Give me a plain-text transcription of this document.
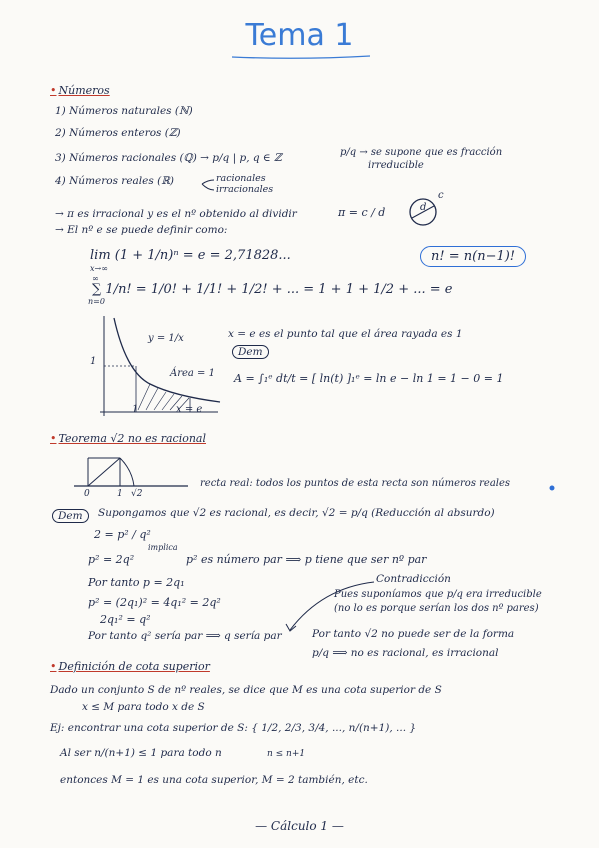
Tema 1
• Números
1) Números naturales (ℕ)
2) Números enteros (ℤ)
3) Números racionales (ℚ) → p/q | p, q ∈ ℤ	p/q → se supone que es fracción
irreducible
4) Números reales (ℝ)	racionales
irracionales
→ π es irracional y es el nº obtenido al dividir	π = c / d	d
c
→ El nº e se puede definir como:
lim (1 + 1/n)ⁿ = e = 2,71828...
x→∞
n! = n(n−1)!
∑ 1/n! = 1/0! + 1/1! + 1/2! + ... = 1 + 1 + 1/2 + ... = e
∞
n=0
1
1	x = e
y = 1/x
Área = 1
x = e es el punto tal que el área rayada es 1
Dem
A = ∫₁ᵉ dt/t = [ ln(t) ]₁ᵉ = ln e − ln 1 = 1 − 0 = 1
• Teorema √2 no es racional
0	1 √2
recta real: todos los puntos de esta recta son números reales
Dem	Supongamos que √2 es racional, es decir, √2 = p/q (Reducción al absurdo)
2 = p² / q²
p² = 2q²
implica
p² es número par ⟹ p tiene que ser nº par
Contradicción
Por tanto p = 2q₁
Pues suponíamos que p/q era irreducible
p² = (2q₁)² = 4q₁² = 2q²	(no lo es porque serían los dos nº pares)
2q₁² = q²
Por tanto q² sería par ⟹ q sería par	Por tanto √2 no puede ser de la forma
p/q ⟹ no es racional, es irracional
• Definición de cota superior
Dado un conjunto S de nº reales, se dice que M es una cota superior de S
x ≤ M para todo x de S
Ej: encontrar una cota superior de S: { 1/2, 2/3, 3/4, ..., n/(n+1), ... }
Al ser n/(n+1) ≤ 1 para todo n	n ≤ n+1
entonces M = 1 es una cota superior, M = 2 también, etc.
— Cálculo 1 —
